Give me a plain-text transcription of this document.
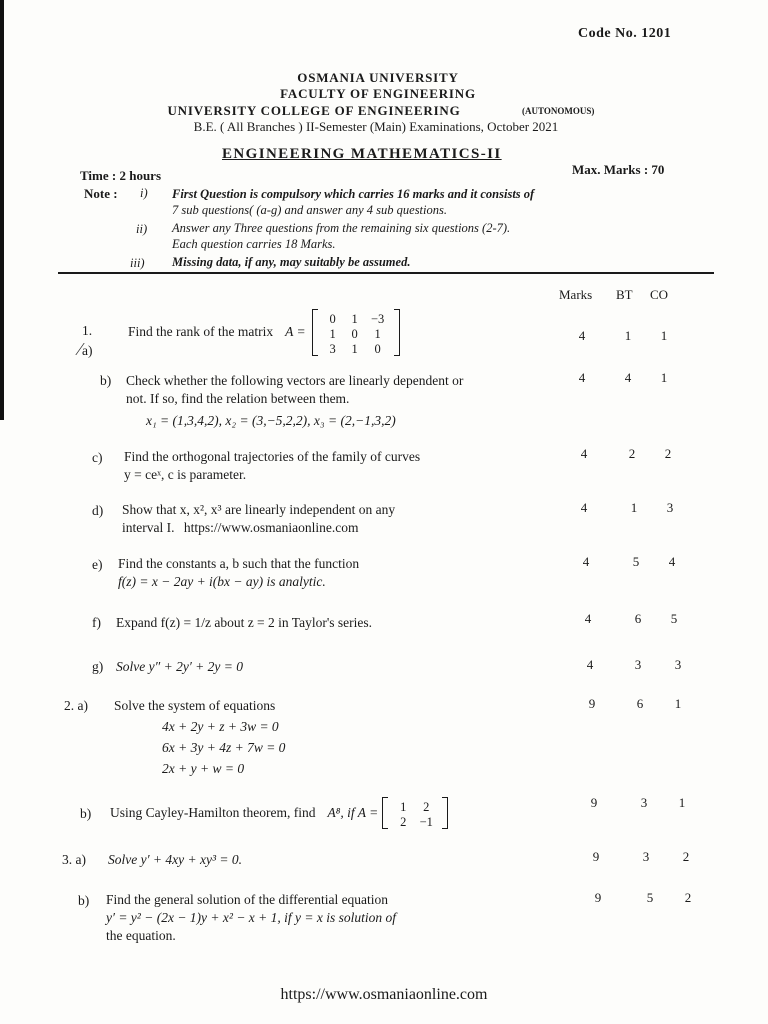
Code No. 1201
OSMANIA UNIVERSITY
FACULTY OF ENGINEERING
UNIVERSITY COLLEGE OF ENGINEERING	(AUTONOMOUS)
B.E. ( All Branches ) II-Semester (Main) Examinations, October 2021
ENGINEERING MATHEMATICS-II
Time : 2 hours	Max. Marks : 70
Note : i) First Question is compulsory which carries 16 marks and it consists of
7 sub questions( (a-g) and answer any 4 sub questions.
ii) Answer any Three questions from the remaining six questions (2-7).
Each question carries 18 Marks.
iii) Missing data, if any, may suitably be assumed.
Marks BT CO
1. a)⁄
Find the rank of the matrix A =
0	1	−3
1	0	1
3	1	0
4	1	1
b) Check whether the following vectors are linearly dependent or
not. If so, find the relation between them.
x₁ = (1,3,4,2), x₂ = (3,−5,2,2), x₃ = (2,−1,3,2)
4	4	1
c) Find the orthogonal trajectories of the family of curves
y = ceˣ, c is parameter.
4	2	2
d) Show that x, x², x³ are linearly independent on any
interval I. https://www.osmaniaonline.com
4	1	3
e) Find the constants a, b such that the function
f(z) = x − 2ay + i(bx − ay) is analytic.
4	5	4
f) Expand f(z) = 1/z about z = 2 in Taylor's series.	4	6	5
g) Solve y″ + 2y′ + 2y = 0	4	3	3
2. a) Solve the system of equations
4x + 2y + z + 3w = 0
6x + 3y + 4z + 7w = 0
2x + y + w = 0
9	6	1
b) Using Cayley-Hamilton theorem, find A⁸, if A =	1	2
2	−1
9	3	1
3. a) Solve y′ + 4xy + xy³ = 0.	9	3	2
b) Find the general solution of the differential equation
y′ = y² − (2x − 1)y + x² − x + 1, if y = x is solution of
the equation.
9	5	2
https://www.osmaniaonline.com
